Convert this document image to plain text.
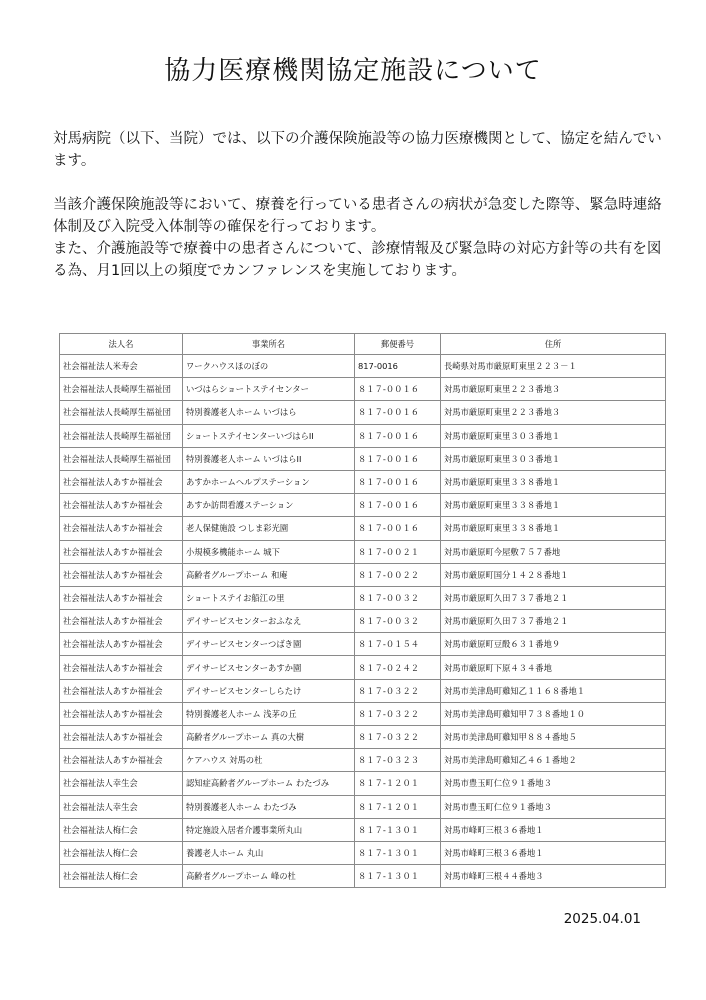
協力医療機関協定施設について

対馬病院（以下、当院）では、以下の介護保険施設等の協力医療機関として、協定を結んでいます。

当該介護保険施設等において、療養を行っている患者さんの病状が急変した際等、緊急時連絡体制及び入院受入体制等の確保を行っております。

また、介護施設等で療養中の患者さんについて、診療情報及び緊急時の対応方針等の共有を図る為、月1回以上の頻度でカンファレンスを実施しております。

法人名	事業所名	郵便番号	住所
社会福祉法人米寿会	ワークハウスほのぼの	817-0016	長崎県対馬市厳原町東里２２３－１
社会福祉法人長崎厚生福祉団	いづはらショートステイセンター	８１７-００１６	対馬市厳原町東里２２３番地３
社会福祉法人長崎厚生福祉団	特別養護老人ホーム いづはら	８１７-００１６	対馬市厳原町東里２２３番地３
社会福祉法人長崎厚生福祉団	ショートステイセンターいづはらII	８１７-００１６	対馬市厳原町東里３０３番地１
社会福祉法人長崎厚生福祉団	特別養護老人ホーム いづはらII	８１７-００１６	対馬市厳原町東里３０３番地１
社会福祉法人あすか福祉会	あすかホームヘルプステーション	８１７-００１６	対馬市厳原町東里３３８番地１
社会福祉法人あすか福祉会	あすか訪問看護ステーション	８１７-００１６	対馬市厳原町東里３３８番地１
社会福祉法人あすか福祉会	老人保健施設 つしま彩光園	８１７-００１６	対馬市厳原町東里３３８番地１
社会福祉法人あすか福祉会	小規模多機能ホーム 城下	８１７-００２１	対馬市厳原町今屋敷７５７番地
社会福祉法人あすか福祉会	高齢者グループホーム 和庵	８１７-００２２	対馬市厳原町国分１４２８番地１
社会福祉法人あすか福祉会	ショートステイお船江の里	８１７-００３２	対馬市厳原町久田７３７番地２１
社会福祉法人あすか福祉会	デイサービスセンターおふなえ	８１７-００３２	対馬市厳原町久田７３７番地２１
社会福祉法人あすか福祉会	デイサービスセンターつばき園	８１７-０１５４	対馬市厳原町豆酘６３１番地９
社会福祉法人あすか福祉会	デイサービスセンターあすか園	８１７-０２４２	対馬市厳原町下原４３４番地
社会福祉法人あすか福祉会	デイサービスセンターしらたけ	８１７-０３２２	対馬市美津島町雞知乙１１６８番地１
社会福祉法人あすか福祉会	特別養護老人ホーム 浅茅の丘	８１７-０３２２	対馬市美津島町雞知甲７３８番地１０
社会福祉法人あすか福祉会	高齢者グループホーム 真の大樹	８１７-０３２２	対馬市美津島町雞知甲８８４番地５
社会福祉法人あすか福祉会	ケアハウス 対馬の杜	８１７-０３２３	対馬市美津島町雞知乙４６１番地２
社会福祉法人幸生会	認知症高齢者グループホーム わたづみ	８１７-１２０１	対馬市豊玉町仁位９１番地３
社会福祉法人幸生会	特別養護老人ホーム わたづみ	８１７-１２０１	対馬市豊玉町仁位９１番地３
社会福祉法人梅仁会	特定施設入居者介護事業所丸山	８１７-１３０１	対馬市峰町三根３６番地１
社会福祉法人梅仁会	養護老人ホーム 丸山	８１７-１３０１	対馬市峰町三根３６番地１
社会福祉法人梅仁会	高齢者グループホーム 峰の杜	８１７-１３０１	対馬市峰町三根４４番地３

2025.04.01
